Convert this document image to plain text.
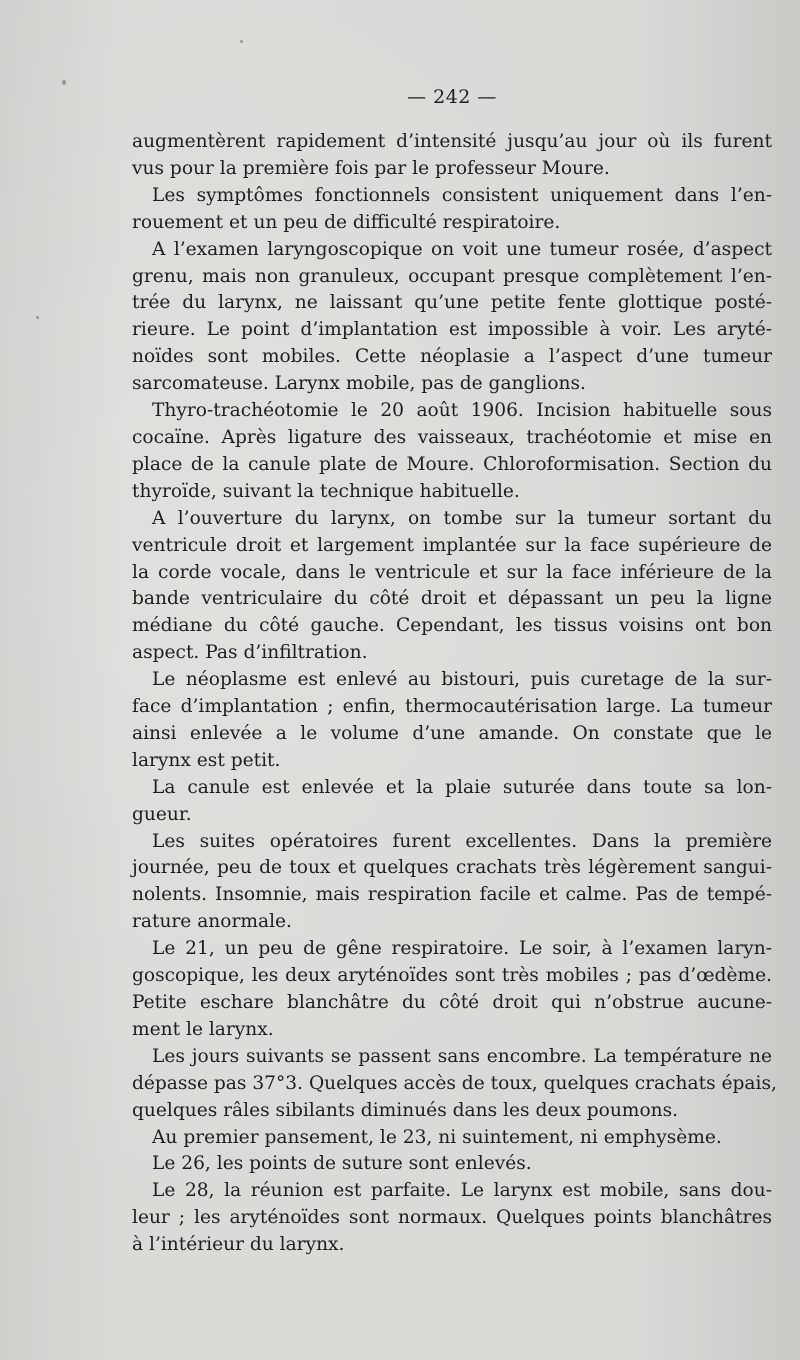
— 242 —
augmentèrent rapidement d’intensité jusqu’au jour où ils furent
vus pour la première fois par le professeur Moure.
Les symptômes fonctionnels consistent uniquement dans l’en-
rouement et un peu de difficulté respiratoire.
A l’examen laryngoscopique on voit une tumeur rosée, d’aspect
grenu, mais non granuleux, occupant presque complètement l’en-
trée du larynx, ne laissant qu’une petite fente glottique posté-
rieure. Le point d’implantation est impossible à voir. Les aryté-
noïdes sont mobiles. Cette néoplasie a l’aspect d’une tumeur
sarcomateuse. Larynx mobile, pas de ganglions.
Thyro-trachéotomie le 20 août 1906. Incision habituelle sous
cocaïne. Après ligature des vaisseaux, trachéotomie et mise en
place de la canule plate de Moure. Chloroformisation. Section du
thyroïde, suivant la technique habituelle.
A l’ouverture du larynx, on tombe sur la tumeur sortant du
ventricule droit et largement implantée sur la face supérieure de
la corde vocale, dans le ventricule et sur la face inférieure de la
bande ventriculaire du côté droit et dépassant un peu la ligne
médiane du côté gauche. Cependant, les tissus voisins ont bon
aspect. Pas d’infiltration.
Le néoplasme est enlevé au bistouri, puis curetage de la sur-
face d’implantation ; enfin, thermocautérisation large. La tumeur
ainsi enlevée a le volume d’une amande. On constate que le
larynx est petit.
La canule est enlevée et la plaie suturée dans toute sa lon-
gueur.
Les suites opératoires furent excellentes. Dans la première
journée, peu de toux et quelques crachats très légèrement sangui-
nolents. Insomnie, mais respiration facile et calme. Pas de tempé-
rature anormale.
Le 21, un peu de gêne respiratoire. Le soir, à l’examen laryn-
goscopique, les deux aryténoïdes sont très mobiles ; pas d’œdème.
Petite eschare blanchâtre du côté droit qui n’obstrue aucune-
ment le larynx.
Les jours suivants se passent sans encombre. La température ne
dépasse pas 37°3. Quelques accès de toux, quelques crachats épais,
quelques râles sibilants diminués dans les deux poumons.
Au premier pansement, le 23, ni suintement, ni emphysème.
Le 26, les points de suture sont enlevés.
Le 28, la réunion est parfaite. Le larynx est mobile, sans dou-
leur ; les aryténoïdes sont normaux. Quelques points blanchâtres
à l’intérieur du larynx.
